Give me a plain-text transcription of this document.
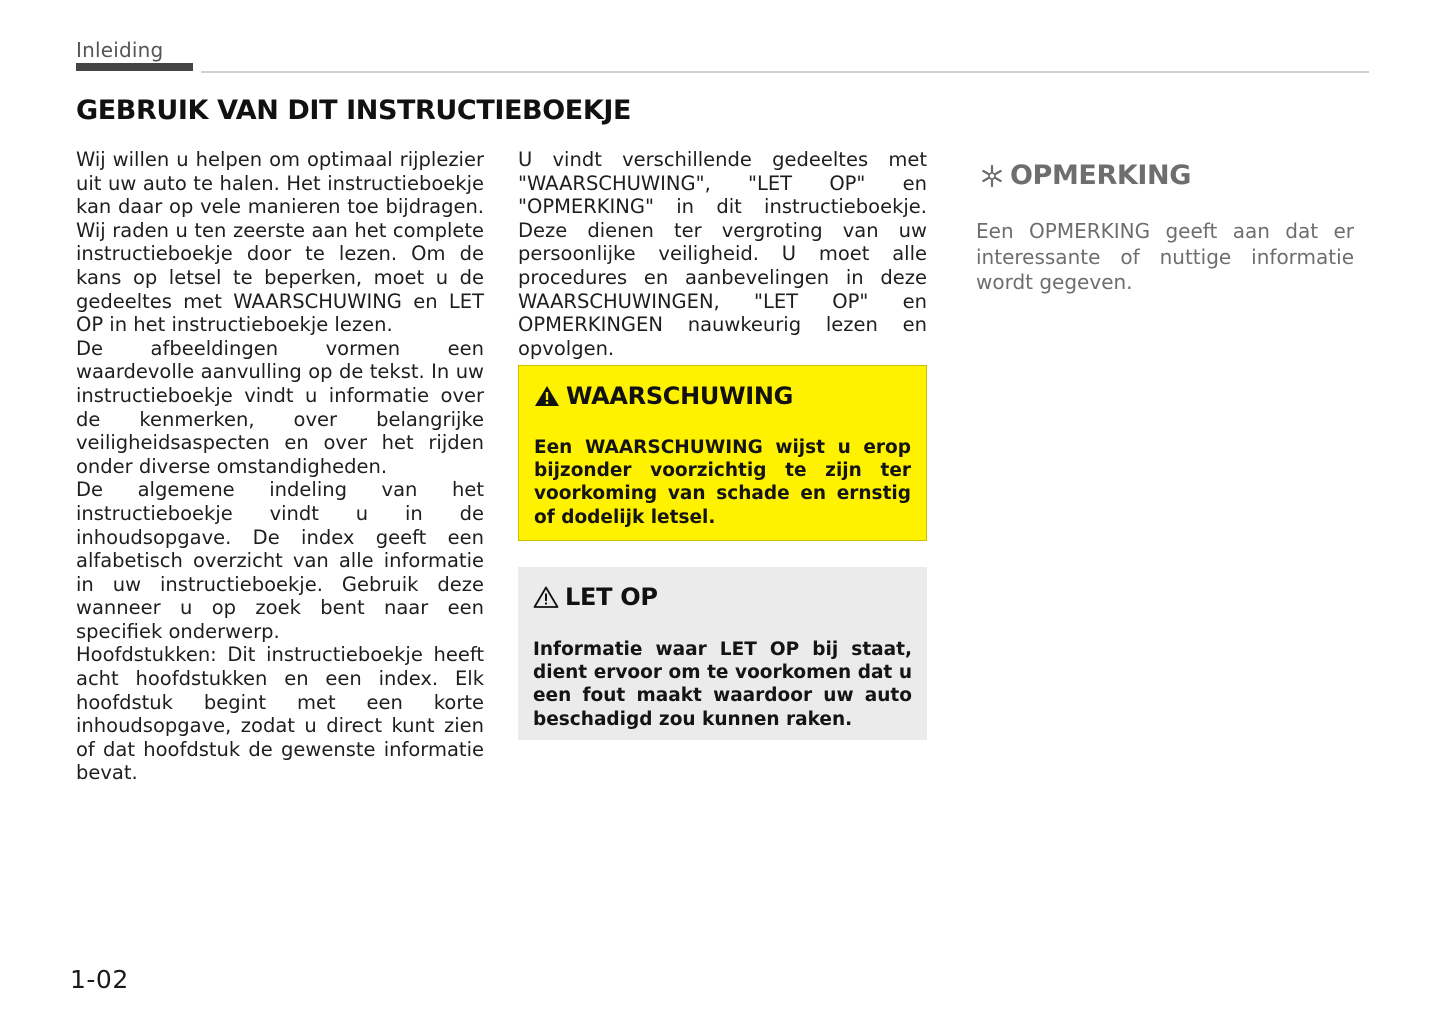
Inleiding
GEBRUIK VAN DIT INSTRUCTIEBOEKJE

Wij willen u helpen om optimaal rijplezier uit uw auto te halen. Het instructieboekje kan daar op vele manieren toe bijdragen. Wij raden u ten zeerste aan het complete instructieboekje door te lezen. Om de kans op letsel te beperken, moet u de gedeeltes met WAARSCHUWING en LET OP in het instructieboekje lezen.

De afbeeldingen vormen een waardevolle aanvulling op de tekst. In uw instructieboekje vindt u informatie over de kenmerken, over belangrijke veiligheidsaspecten en over het rijden onder diverse omstandigheden.

De algemene indeling van het instructieboekje vindt u in de inhoudsopgave. De index geeft een alfabetisch overzicht van alle informatie in uw instructieboekje. Gebruik deze wanneer u op zoek bent naar een specifiek onderwerp.

Hoofdstukken: Dit instructieboekje heeft acht hoofdstukken en een index. Elk hoofdstuk begint met een korte inhoudsopgave, zodat u direct kunt zien of dat hoofdstuk de gewenste informatie bevat.

U vindt verschillende gedeeltes met "WAARSCHUWING", "LET OP" en "OPMERKING" in dit instructieboekje. Deze dienen ter vergroting van uw persoonlijke veiligheid. U moet alle procedures en aanbevelingen in deze WAARSCHUWINGEN, "LET OP" en OPMERKINGEN nauwkeurig lezen en opvolgen.

WAARSCHUWING
Een WAARSCHUWING wijst u erop bijzonder voorzichtig te zijn ter voorkoming van schade en ernstig of dodelijk letsel.
LET OP
Informatie waar LET OP bij staat, dient ervoor om te voorkomen dat u een fout maakt waardoor uw auto beschadigd zou kunnen raken.
OPMERKING
Een OPMERKING geeft aan dat er interessante of nuttige informatie wordt gegeven.
1-02
